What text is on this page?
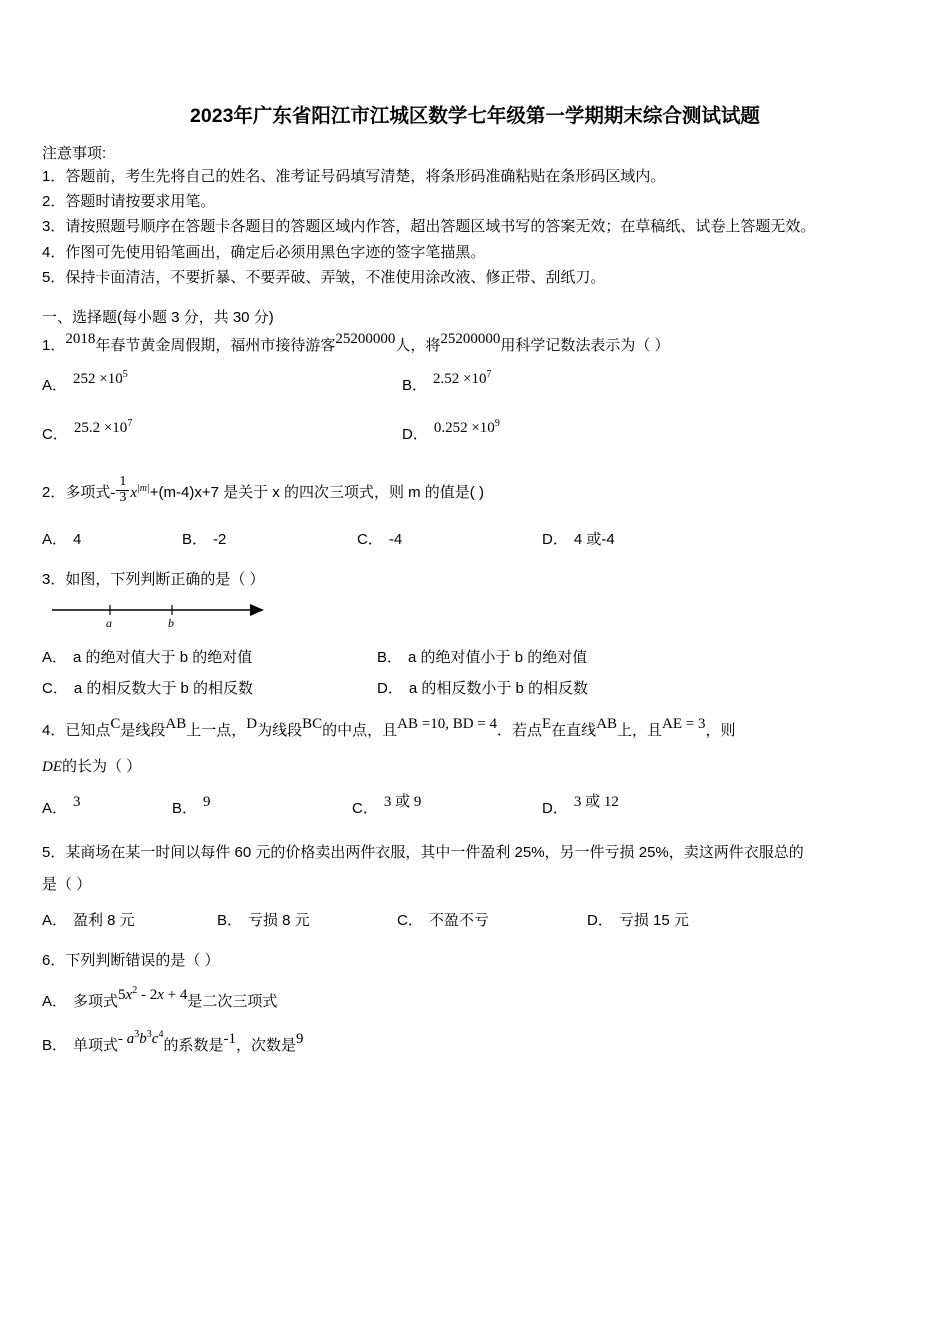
2023年广东省阳江市江城区数学七年级第一学期期末综合测试试题
注意事项:
1．答题前，考生先将自己的姓名、准考证号码填写清楚，将条形码准确粘贴在条形码区域内。
2．答题时请按要求用笔。
3．请按照题号顺序在答题卡各题目的答题区域内作答，超出答题区域书写的答案无效；在草稿纸、试卷上答题无效。
4．作图可先使用铅笔画出，确定后必须用黑色字迹的签字笔描黑。
5．保持卡面清洁，不要折暴、不要弄破、弄皱，不准使用涂改液、修正带、刮纸刀。
一、选择题(每小题 3 分，共 30 分)
1．2018年春节黄金周假期，福州市接待游客25200000人，将25200000用科学记数法表示为（ ）
A． $252 \times 10^5$
B． $2.52 \times 10^7$
C． $25.2 \times 10^7$
D． $0.252 \times 10^9$
2．多项式- $\frac{1}{3} x^{|m|}+(m-4)x+7$ 是关于 x 的四次三项式，则 m 的值是( )
A． 4	B． -2	C． -4	D． 4 或-4
3．如图，下列判断正确的是（ ）
a	b
A． a 的绝对值大于 b 的绝对值	B． a 的绝对值小于 b 的绝对值
C． a 的相反数大于 b 的相反数	D． a 的相反数小于 b 的相反数
4．已知点C是线段AB上一点，D为线段BC的中点，且AB =10, BD = 4．若点E在直线AB上，且AE = 3，则
DE的长为（ ）
A． 3	B． 9	C． 3 或 9	D． 3 或 12
5．某商场在某一时间以每件 60 元的价格卖出两件衣服，其中一件盈利 25%，另一件亏损 25%，卖这两件衣服总的
是（ ）
A． 盈利 8 元	B． 亏损 8 元	C． 不盈不亏	D． 亏损 15 元
6．下列判断错误的是（ ）
A． 多项式$5x^2 - 2x + 4$是二次三项式
B． 单项式- $a^3b^3c^4$的系数是-1，次数是9
